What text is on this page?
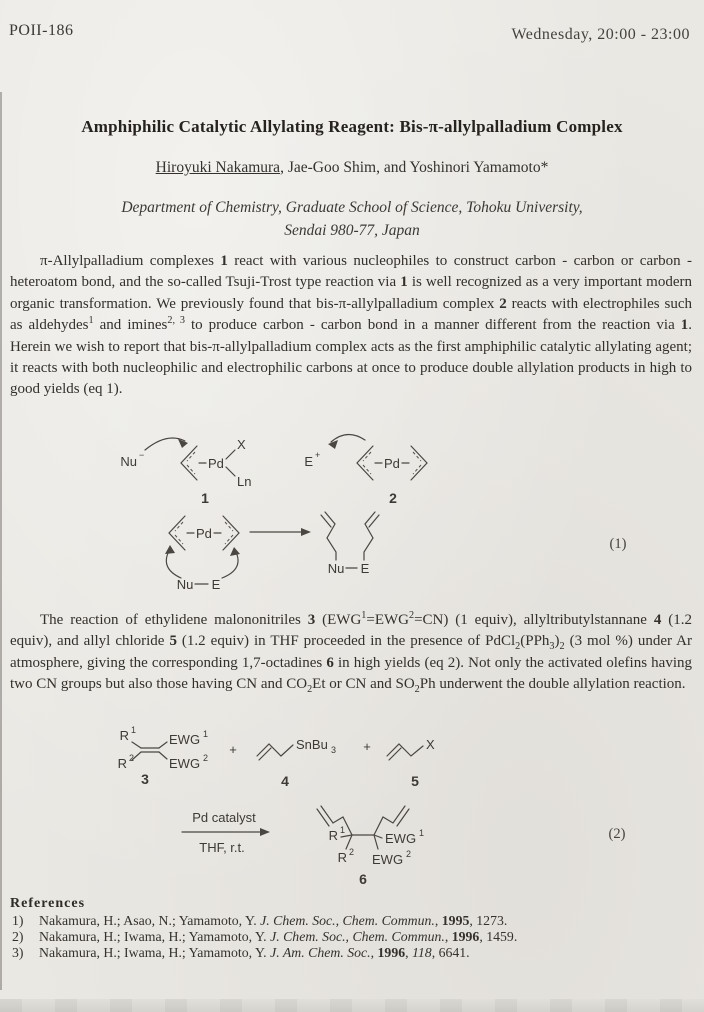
POII-186	Wednesday, 20:00 - 23:00
Amphiphilic Catalytic Allylating Reagent: Bis-π-allylpalladium Complex
Hiroyuki Nakamura, Jae-Goo Shim, and Yoshinori Yamamoto*
Department of Chemistry, Graduate School of Science, Tohoku University,
Sendai 980-77, Japan
π-Allylpalladium complexes 1 react with various nucleophiles to construct carbon - carbon or carbon - heteroatom bond, and the so-called Tsuji-Trost type reaction via 1 is well recognized as a very important modern organic transformation. We previously found that bis-π-allylpalladium complex 2 reacts with electrophiles such as aldehydes$^1$ and imines$^{2, 3}$ to produce carbon - carbon bond in a manner different from the reaction via 1. Herein we wish to report that bis-π-allylpalladium complex acts as the first amphiphilic catalytic allylating agent; it reacts with both nucleophilic and electrophilic carbons at once to produce double allylation products in high to good yields (eq 1).
Nu −
Pd
X
Ln
1
E +
Pd
2
Pd
Nu E
Nu E
(1)
The reaction of ethylidene malononitriles 3 $(EWG^1=EWG^2=CN)$ (1 equiv), allyltributylstannane 4 (1.2 equiv), and allyl chloride 5 (1.2 equiv) in THF proceeded in the presence of $PdCl_2(PPh_3)_2$ (3 mol %) under Ar atmosphere, giving the corresponding 1,7-octadines 6 in high yields (eq 2). Not only the activated olefins having two CN groups but also those having CN and $CO_2Et$ or CN and $SO_2Ph$ underwent the double allylation reaction.
R 1
R 2
EWG 1
EWG 2
3
+	SnBu 3
4
+	X
5
Pd catalyst
THF, r.t.
R 1
R 2
EWG 1
EWG 2
6
(2)
References
1)	Nakamura, H.; Asao, N.; Yamamoto, Y. J. Chem. Soc., Chem. Commun., 1995, 1273.
2)	Nakamura, H.; Iwama, H.; Yamamoto, Y. J. Chem. Soc., Chem. Commun., 1996, 1459.
3)	Nakamura, H.; Iwama, H.; Yamamoto, Y. J. Am. Chem. Soc., 1996, 118, 6641.
